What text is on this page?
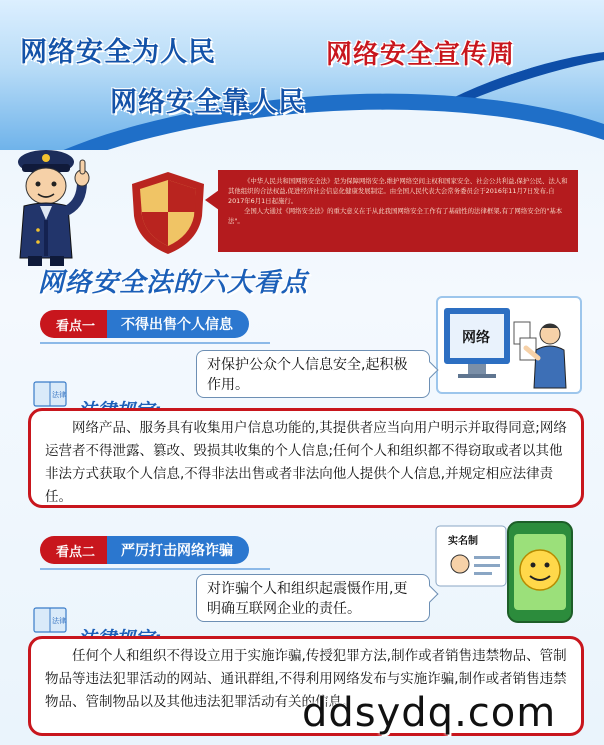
网络安全为人民
网络安全靠人民
网络安全宣传周

《中华人民共和国网络安全法》是为保障网络安全,维护网络空间主权和国家安全、社会公共利益,保护公民、法人和其他组织的合法权益,促进经济社会信息化健康发展制定。由全国人民代表大会常务委员会于2016年11月7日发布,自2017年6月1日起施行。

全国人大通过《网络安全法》的重大意义在于从此我国网络安全工作有了基础性的法律框架,有了网络安全的"基本法"。

网络安全法的六大看点
看点一	不得出售个人信息
网络
对保护公众个人信息安全,起积极作用。
法律

网络产品、服务具有收集用户信息功能的,其提供者应当向用户明示并取得同意;网络运营者不得泄露、篡改、毁损其收集的个人信息;任何个人和组织都不得窃取或者以其他非法方式获取个人信息,不得非法出售或者非法向他人提供个人信息,并规定相应法律责任。

看点二	严厉打击网络诈骗
实名制
对诈骗个人和组织起震慑作用,更明确互联网企业的责任。
法律

任何个人和组织不得设立用于实施诈骗,传授犯罪方法,制作或者销售违禁物品、管制物品等违法犯罪活动的网站、通讯群组,不得利用网络发布与实施诈骗,制作或者销售违禁物品、管制物品以及其他违法犯罪活动有关的信息。

ddsydq.com
